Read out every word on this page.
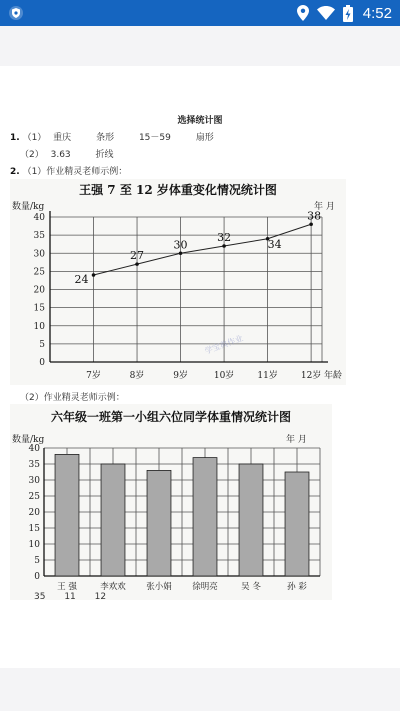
4:52
选择统计图
1. （1） 重庆	条形	15－59	扇形
（2） 3.63	折线
2. （1）作业精灵老师示例：
王强 7 至 12 岁体重变化情况统计图
0
5
10
15
20
25
30
35
40
数量/kg	年 月
年龄
7岁	8岁	9岁	10岁	11岁	12岁
学宝典作业
24
27
30
32
34
38
（2）作业精灵老师示例：
六年级一班第一小组六位同学体重情况统计图
数量/kg	年 月
0
5
10
15
20
25
30
35
40
王 强	李欢欢 张小娟 徐明亮	吴 冬	孙 彩
35 11 12
